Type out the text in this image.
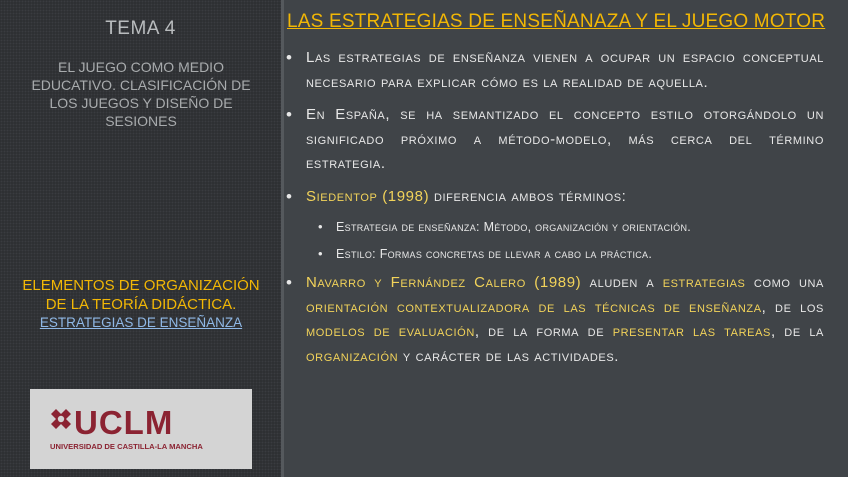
TEMA 4
EL JUEGO COMO MEDIO EDUCATIVO. CLASIFICACIÓN DE LOS JUEGOS Y DISEÑO DE SESIONES
ELEMENTOS DE ORGANIZACIÓN DE LA TEORÍA DIDÁCTICA.
ESTRATEGIAS DE ENSEÑANZA
UCLM
UNIVERSIDAD DE CASTILLA-LA MANCHA
LAS ESTRATEGIAS DE ENSEÑANAZA Y EL JUEGO MOTOR
• Las estrategias de enseñanza vienen a ocupar un espacio conceptual necesario para explicar cómo es la realidad de aquella.
• En España, se ha semantizado el concepto estilo otorgándolo un significado próximo a método-modelo, más cerca del término estrategia.
• Siedentop (1998) diferencia ambos términos:
• Estrategia de enseñanza: Método, organización y orientación.
• Estilo: Formas concretas de llevar a cabo la práctica.
• Navarro y Fernández Calero (1989) aluden a estrategias como una orientación contextualizadora de las técnicas de enseñanza, de los modelos de evaluación, de la forma de presentar las tareas, de la organización y carácter de las actividades.
